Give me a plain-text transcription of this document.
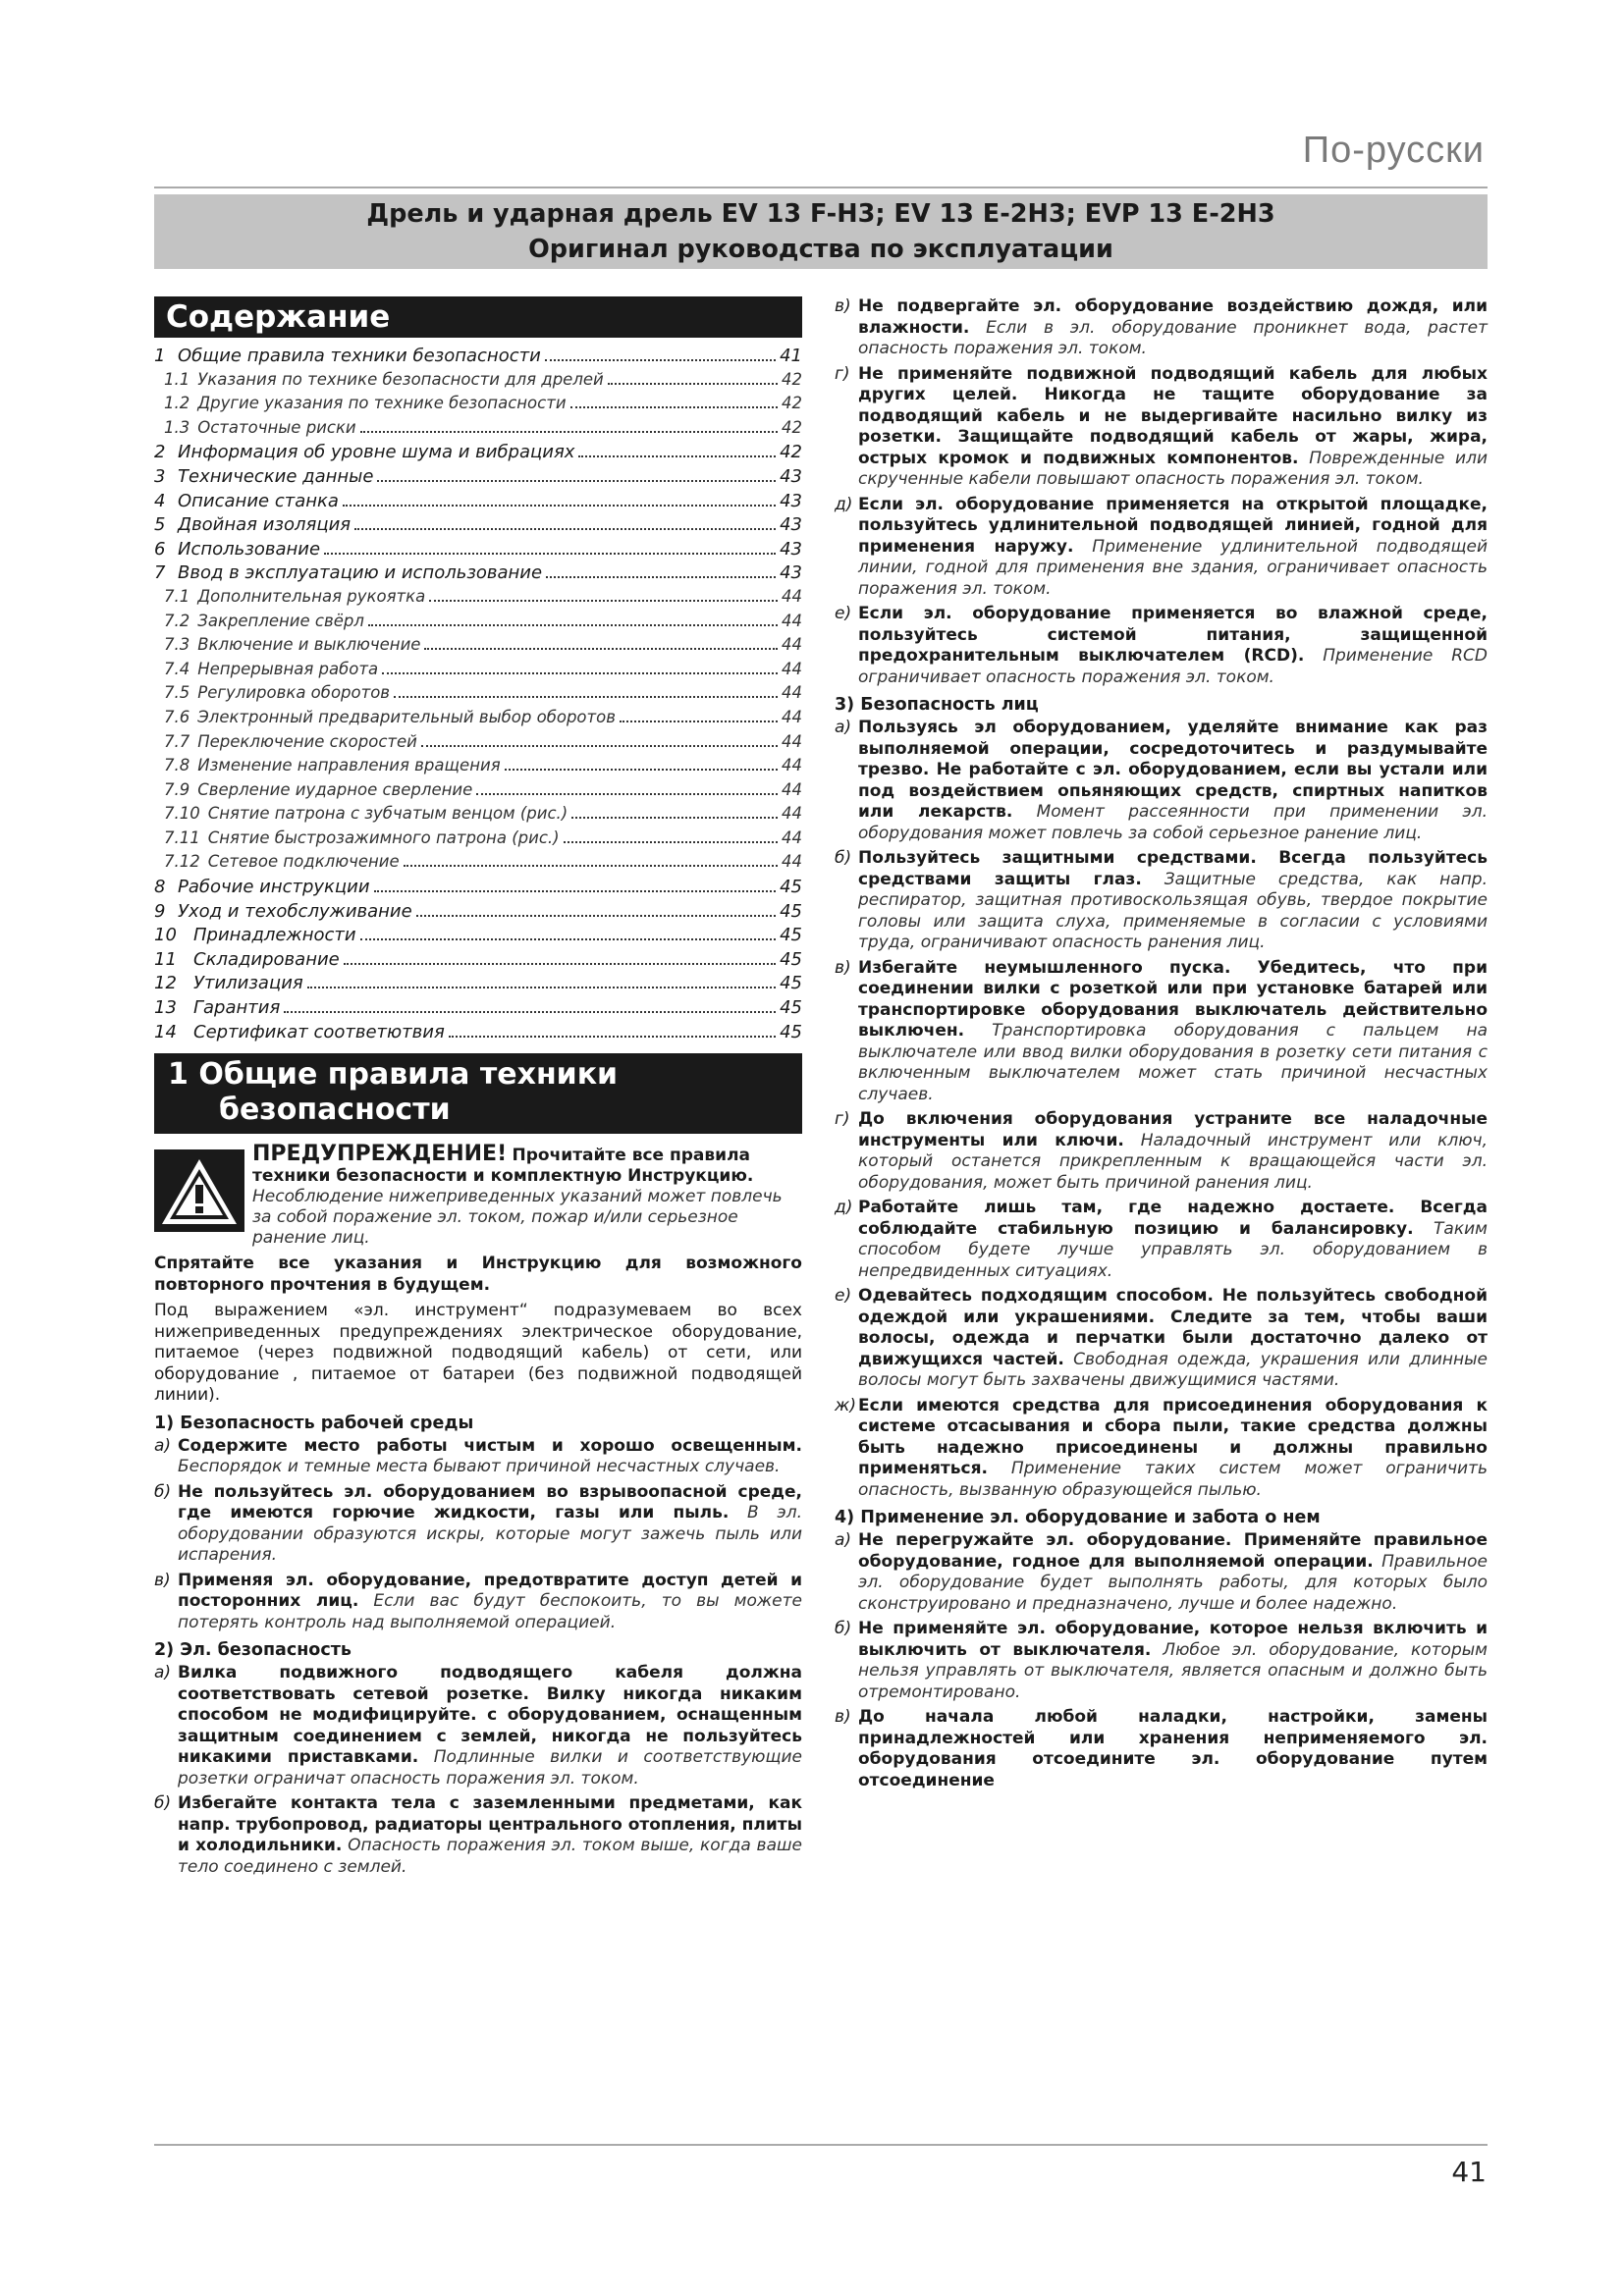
По-русски
Дрель и ударная дрель EV 13 F-H3; EV 13 E-2H3; EVP 13 E-2H3
Оригинал руководства по эксплуатации
Содержание
1 Общие правила техники безопасности	41
1.1 Указания по технике безопасности для дрелей	42
1.2 Другие указания по технике безопасности	42
1.3 Остаточные риски	42
2 Информация об уровне шума и вибрациях	42
3 Технические данные	43
4 Описание станка	43
5 Двойная изоляция	43
6 Использование	43
7 Ввод в эксплуатацию и использование	43
7.1 Дополнительная рукоятка	44
7.2 Закрепление свёрл	44
7.3 Включение и выключение	44
7.4 Непрерывная работа	44
7.5 Регулировка оборотов	44
7.6 Электронный предварительный выбор оборотов	44
7.7 Переключение скоростей	44
7.8 Изменение направления вращения	44
7.9 Сверление иударное сверление	44
7.10 Снятие патрона с зубчатым венцом (рис.)	44
7.11 Снятие быстрозажимного патрона (рис.)	44
7.12 Сетевое подключение	44
8 Рабочие инструкции	45
9 Уход и техобслуживание	45
10 Принадлежности	45
11 Складирование	45
12 Утилизация	45
13 Гарантия	45
14 Сертификат соответютвия	45
1 Общие правила техники
безопасности
ПРЕДУПРЕЖДЕНИЕ! Прочитайте все правила техники безопасности и комплектную Инструкцию. Несоблюдение нижеприведенных указаний может повлечь за собой поражение эл. током, пожар и/или серьезное ранение лиц.

Спрятайте все указания и Инструкцию для возможного повторного прочтения в будущем.

Под выражением «эл. инструмент“ подразумеваем во всех нижеприведенных предупреждениях электрическое оборудование, питаемое (через подвижной подводящий кабель) от сети, или оборудование , питаемое от батареи (без подвижной подводящей линии).

1) Безопасность рабочей среды
a) Содержите место работы чистым и хорошо освещенным. Беспорядок и темные места бывают причиной несчастных случаев.
б) Не пользуйтесь эл. оборудованием во взрывоопасной среде, где имеются горючие жидкости, газы или пыль. В эл. оборудовании образуются искры, которые могут зажечь пыль или испарения.
в) Применяя эл. оборудование, предотвратите доступ детей и посторонних лиц. Если вас будут беспокоить, то вы можете потерять контроль над выполняемой операцией.
2) Эл. безопасность
a) Вилка подвижного подводящего кабеля должна соответствовать сетевой розетке. Вилку никогда никаким способом не модифицируйте. с оборудованием, оснащенным защитным соединением с землей, никогда не пользуйтесь никакими приставками. Подлинные вилки и соответствующие розетки ограничат опасность поражения эл. током.
б) Избегайте контакта тела с заземленными предметами, как напр. трубопровод, радиаторы центрального отопления, плиты и холодильники. Опасность поражения эл. током выше, когда ваше тело соединено с землей.
в) Не подвергайте эл. оборудование воздействию дождя, или влажности. Если в эл. оборудование проникнет вода, растет опасность поражения эл. током.
г) Не применяйте подвижной подводящий кабель для любых других целей. Никогда не тащите оборудование за подводящий кабель и не выдергивайте насильно вилку из розетки. Защищайте подводящий кабель от жары, жира, острых кромок и подвижных компонентов. Поврежденные или скрученные кабели повышают опасность поражения эл. током.
д) Если эл. оборудование применяется на открытой площадке, пользуйтесь удлинительной подводящей линией, годной для применения наружу. Применение удлинительной подводящей линии, годной для применения вне здания, ограничивает опасность поражения эл. током.
е) Если эл. оборудование применяется во влажной среде, пользуйтесь системой питания, защищенной предохранительным выключателем (RCD). Применение RCD ограничивает опасность поражения эл. током.
3) Безопасность лиц
a) Пользуясь эл оборудованием, уделяйте внимание как раз выполняемой операции, сосредоточитесь и раздумывайте трезво. Не работайте с эл. оборудованием, если вы устали или под воздействием опьяняющих средств, спиртных напитков или лекарств. Момент рассеянности при применении эл. оборудования может повлечь за собой серьезное ранение лиц.
б) Пользуйтесь защитными средствами. Всегда пользуйтесь средствами защиты глаз. Защитные средства, как напр. респиратор, защитная противоскользящая обувь, твердое покрытие головы или защита слуха, применяемые в согласии с условиями труда, ограничивают опасность ранения лиц.
в) Избегайте неумышленного пуска. Убедитесь, что при соединении вилки с розеткой или при установке батарей или транспортировке оборудования выключатель действительно выключен. Транспортировка оборудования с пальцем на выключателе или ввод вилки оборудования в розетку сети питания с включенным выключателем может стать причиной несчастных случаев.
г) До включения оборудования устраните все наладочные инструменты или ключи. Наладочный инструмент или ключ, который останется прикрепленным к вращающейся части эл. оборудования, может быть причиной ранения лиц.
д) Работайте лишь там, где надежно достаете. Всегда соблюдайте стабильную позицию и балансировку. Таким способом будете лучше управлять эл. оборудованием в непредвиденных ситуациях.
е) Одевайтесь подходящим способом. Не пользуйтесь свободной одеждой или украшениями. Следите за тем, чтобы ваши волосы, одежда и перчатки были достаточно далеко от движущихся частей. Свободная одежда, украшения или длинные волосы могут быть захвачены движущимися частями.
ж) Если имеются средства для присоединения оборудования к системе отсасывания и сбора пыли, такие средства должны быть надежно присоединены и должны правильно применяться. Применение таких систем может ограничить опасность, вызванную образующейся пылью.
4) Применение эл. оборудование и забота о нем
a) Не перегружайте эл. оборудование. Применяйте правильное оборудование, годное для выполняемой операции. Правильное эл. оборудование будет выполнять работы, для которых было сконструировано и предназначено, лучше и более надежно.
б) Не применяйте эл. оборудование, которое нельзя включить и выключить от выключателя. Любое эл. оборудование, которым нельзя управлять от выключателя, является опасным и должно быть отремонтировано.
в) До начала любой наладки, настройки, замены принадлежностей или хранения неприменяемого эл. оборудования отсоедините эл. оборудование путем отсоединение
41
